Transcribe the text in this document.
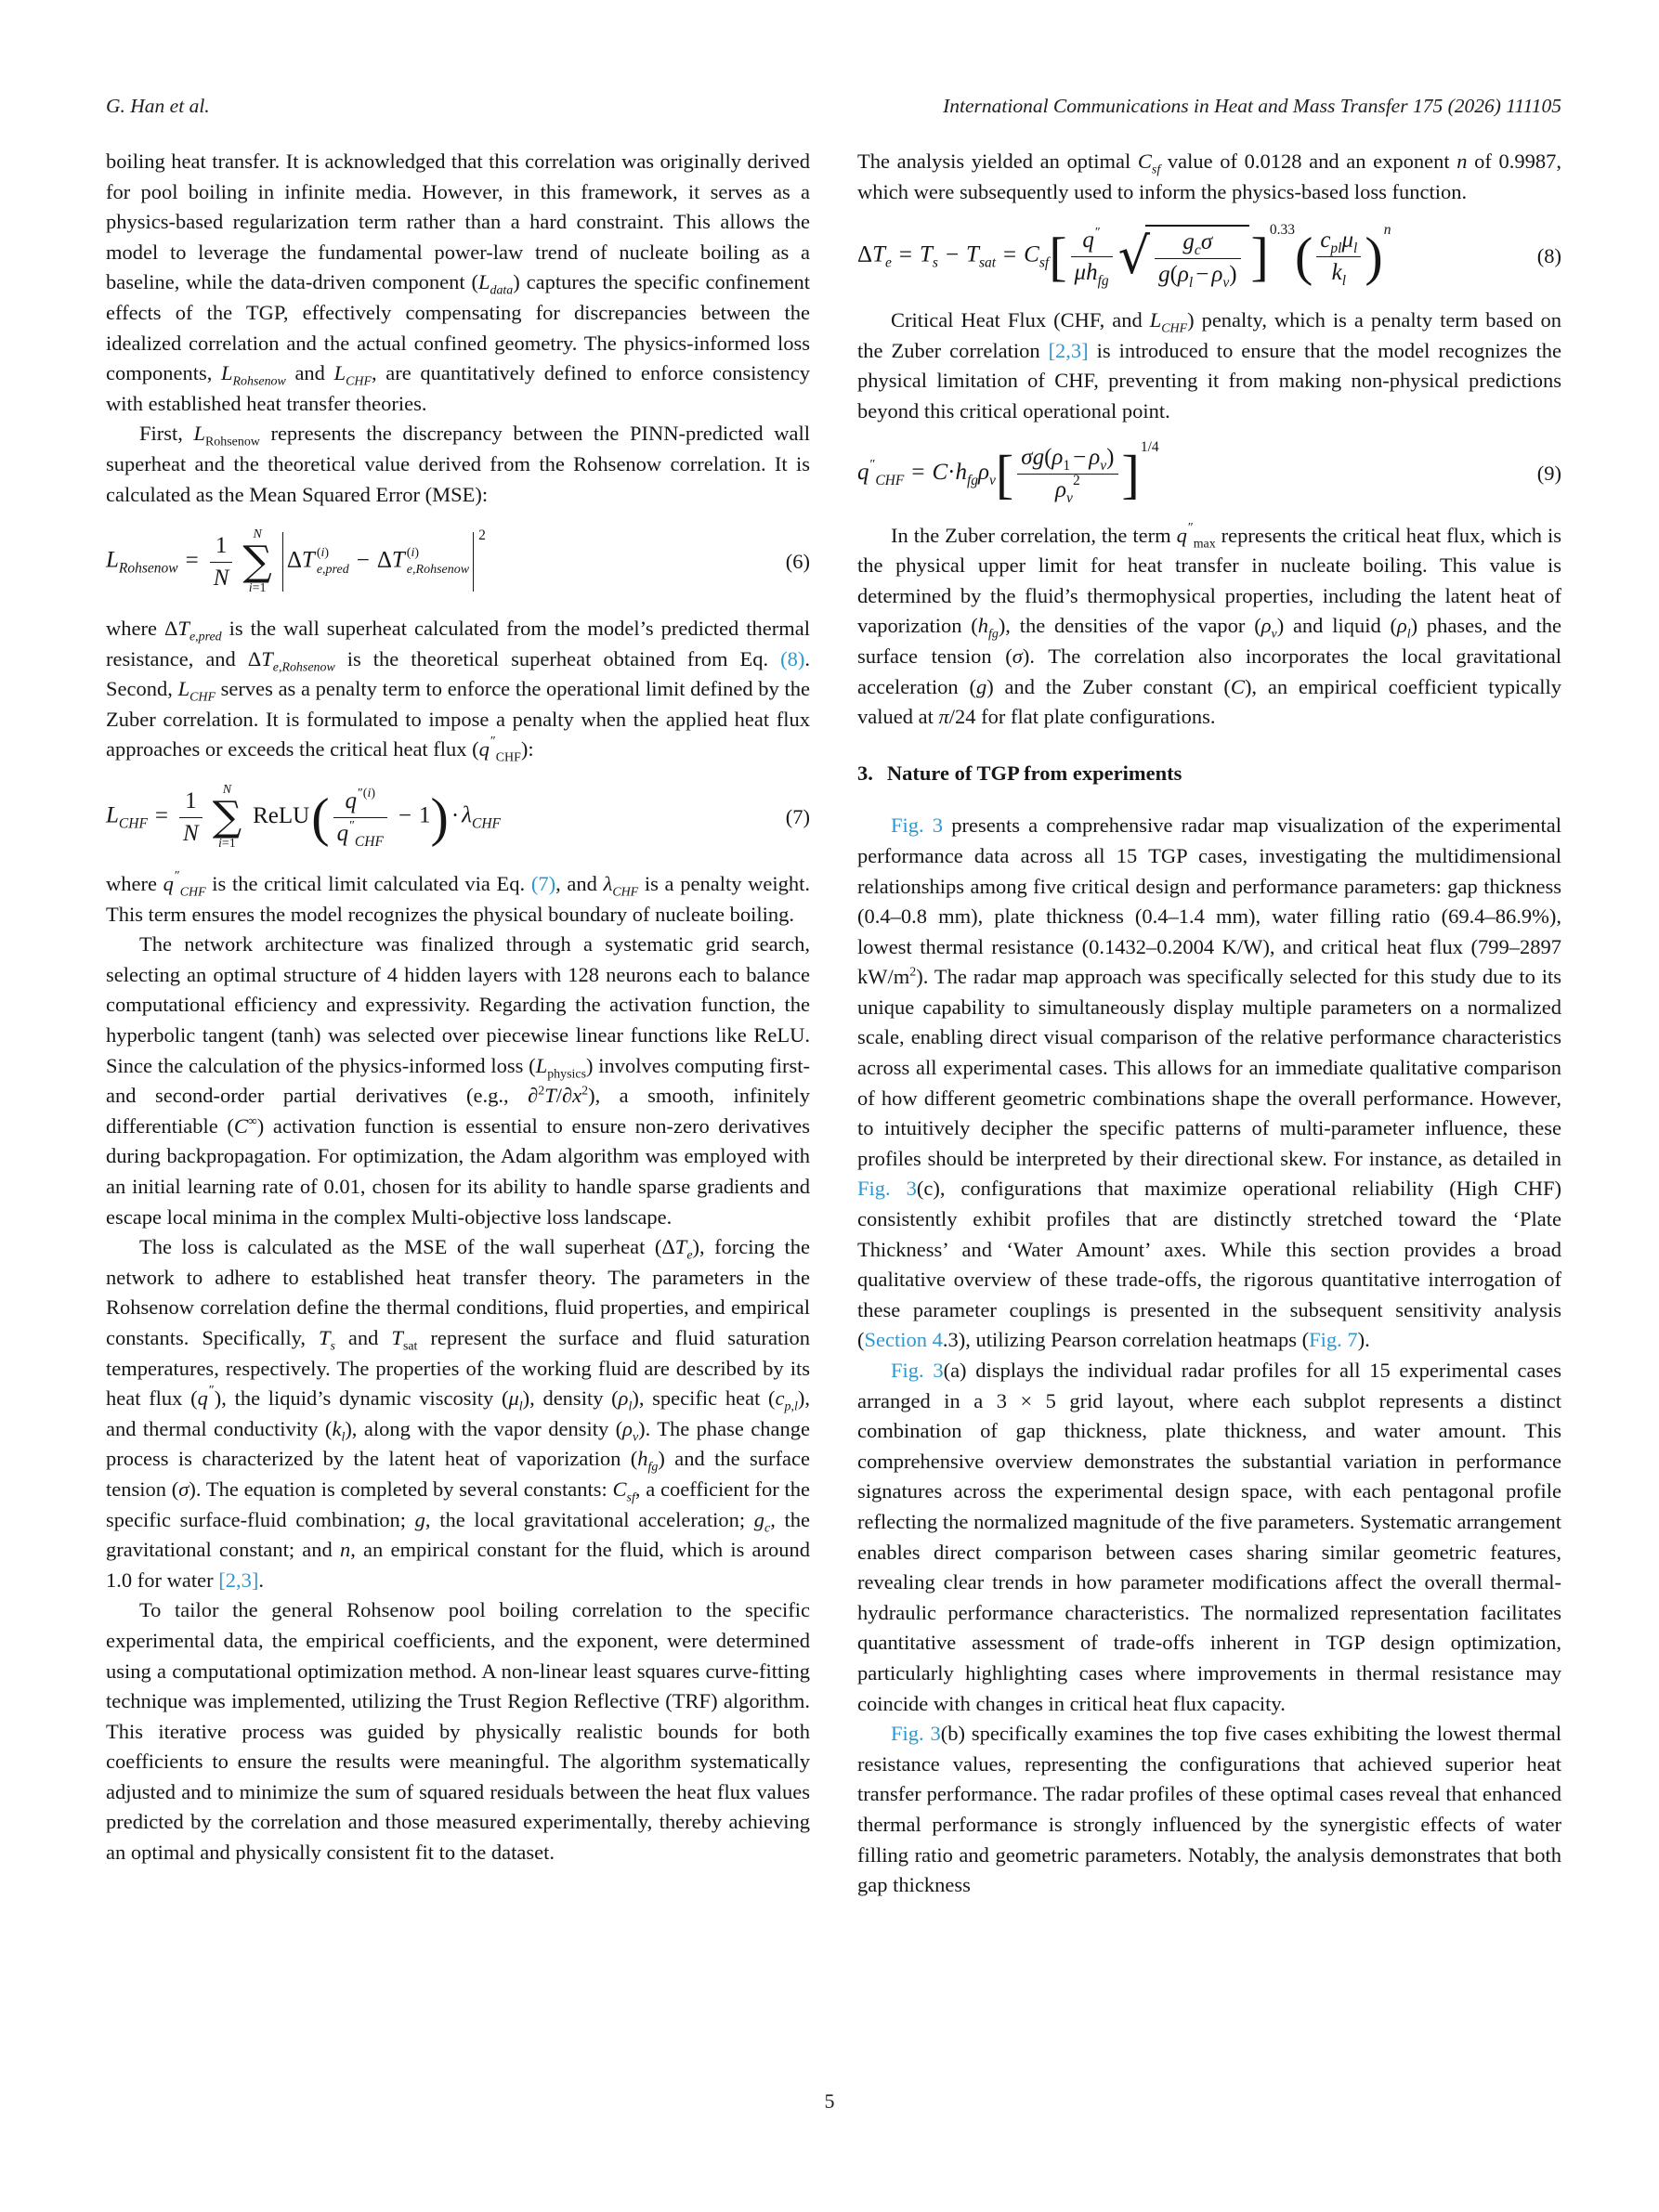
G. Han et al.	International Communications in Heat and Mass Transfer 175 (2026) 111105

boiling heat transfer. It is acknowledged that this correlation was originally derived for pool boiling in infinite media. However, in this framework, it serves as a physics-based regularization term rather than a hard constraint. This allows the model to leverage the fundamental power-law trend of nucleate boiling as a baseline, while the data-driven component $(L_{data})$ captures the specific confinement effects of the TGP, effectively compensating for discrepancies between the idealized correlation and the actual confined geometry. The physics-informed loss components, $L_{Rohsenow}$ and $L_{CHF}$, are quantitatively defined to enforce consistency with established heat transfer theories.

First, $L_{Rohsenow}$ represents the discrepancy between the PINN-predicted wall superheat and the theoretical value derived from the Rohsenow correlation. It is calculated as the Mean Squared Error (MSE):

$L_{Rohsenow} = \frac{1}{N}$ N
∑
i=1
ΔT (i)
e,pred − ΔT (i)
e,Rohsenow
$^2$
(6)

where $\Delta T_{e,pred}$ is the wall superheat calculated from the model’s predicted thermal resistance, and $\Delta T_{e,Rohsenow}$ is the theoretical superheat obtained from Eq. (8). Second, $L_{CHF}$ serves as a penalty term to enforce the operational limit defined by the Zuber correlation. It is formulated to impose a penalty when the applied heat flux approaches or exceeds the critical heat flux $(q''_{CHF})$:

$L_{CHF} = \frac{1}{N}$ N
∑
i=1
ReLU( $\frac{q^{''(i)}}{q''_{CHF}} - 1) \cdot \lambda_{CHF}$	(7)

where $q''_{CHF}$ is the critical limit calculated via Eq. (7), and $\lambda_{CHF}$ is a penalty weight. This term ensures the model recognizes the physical boundary of nucleate boiling.

The network architecture was finalized through a systematic grid search, selecting an optimal structure of 4 hidden layers with 128 neurons each to balance computational efficiency and expressivity. Regarding the activation function, the hyperbolic tangent (tanh) was selected over piecewise linear functions like ReLU. Since the calculation of the physics-informed loss $(L_{physics})$ involves computing first- and second-order partial derivatives (e.g., $\partial^2T/\partial x^2$), a smooth, infinitely differentiable (C∞) activation function is essential to ensure non-zero derivatives during backpropagation. For optimization, the Adam algorithm was employed with an initial learning rate of 0.01, chosen for its ability to handle sparse gradients and escape local minima in the complex Multi-objective loss landscape.

The loss is calculated as the MSE of the wall superheat $(\Delta T_e)$, forcing the network to adhere to established heat transfer theory. The parameters in the Rohsenow correlation define the thermal conditions, fluid properties, and empirical constants. Specifically, $T_s$ and $T_{sat}$ represent the surface and fluid saturation temperatures, respectively. The properties of the working fluid are described by its heat flux (q″), the liquid’s dynamic viscosity $(\mu_l)$, density $(\rho_l)$, specific heat $(c_{p,l})$, and thermal conductivity $(k_l)$, along with the vapor density $(\rho_v)$. The phase change process is characterized by the latent heat of vaporization $(h_{fg})$ and the surface tension (σ). The equation is completed by several constants: $C_{sf}$, a coefficient for the specific surface-fluid combination; g, the local gravitational acceleration; $g_c$, the gravitational constant; and n, an empirical constant for the fluid, which is around 1.0 for water [2,3].

To tailor the general Rohsenow pool boiling correlation to the specific experimental data, the empirical coefficients, and the exponent, were determined using a computational optimization method. A non-linear least squares curve-fitting technique was implemented, utilizing the Trust Region Reflective (TRF) algorithm. This iterative process was guided by physically realistic bounds for both coefficients to ensure the results were meaningful. The algorithm systematically adjusted and to minimize the sum of squared residuals between the heat flux values predicted by the correlation and those measured experimentally, thereby achieving an optimal and physically consistent fit to the dataset.

The analysis yielded an optimal $C_{sf}$ value of 0.0128 and an exponent n of 0.9987, which were subsequently used to inform the physics-based loss function.

$\Delta T_e = T_s - T_{sat} = C_{sf}[ \frac{q''}{\mu h_{fg}}$ √ $\frac{g_c\sigma}{g(\rho_l - \rho_v)} ]^{0.33}( \frac{c_{pl}\mu_l}{k_l} )^n$
(8)

Critical Heat Flux (CHF, and $L_{CHF}$) penalty, which is a penalty term based on the Zuber correlation [2,3] is introduced to ensure that the model recognizes the physical limitation of CHF, preventing it from making non-physical predictions beyond this critical operational point.

$q''_{CHF} = C\cdot h_{fg}\rho_v[ \frac{\sigma g(\rho_1 - \rho_v)}{\rho_v^2} ]^{1/4}$
(9)

In the Zuber correlation, the term $q''_{max}$ represents the critical heat flux, which is the physical upper limit for heat transfer in nucleate boiling. This value is determined by the fluid’s thermophysical properties, including the latent heat of vaporization $(h_{fg})$, the densities of the vapor $(\rho_v)$ and liquid $(\rho_l)$ phases, and the surface tension (σ). The correlation also incorporates the local gravitational acceleration (g) and the Zuber constant (C), an empirical coefficient typically valued at π/24 for flat plate configurations.

3. Nature of TGP from experiments

Fig. 3 presents a comprehensive radar map visualization of the experimental performance data across all 15 TGP cases, investigating the multidimensional relationships among five critical design and performance parameters: gap thickness (0.4–0.8 mm), plate thickness (0.4–1.4 mm), water filling ratio (69.4–86.9%), lowest thermal resistance (0.1432–0.2004 K/W), and critical heat flux (799–2897 $kW/m^2$). The radar map approach was specifically selected for this study due to its unique capability to simultaneously display multiple parameters on a normalized scale, enabling direct visual comparison of the relative performance characteristics across all experimental cases. This allows for an immediate qualitative comparison of how different geometric combinations shape the overall performance. However, to intuitively decipher the specific patterns of multi-parameter influence, these profiles should be interpreted by their directional skew. For instance, as detailed in Fig. 3(c), configurations that maximize operational reliability (High CHF) consistently exhibit profiles that are distinctly stretched toward the ‘Plate Thickness’ and ‘Water Amount’ axes. While this section provides a broad qualitative overview of these trade-offs, the rigorous quantitative interrogation of these parameter couplings is presented in the subsequent sensitivity analysis (Section 4.3), utilizing Pearson correlation heatmaps (Fig. 7).

Fig. 3(a) displays the individual radar profiles for all 15 experimental cases arranged in a 3 × 5 grid layout, where each subplot represents a distinct combination of gap thickness, plate thickness, and water amount. This comprehensive overview demonstrates the substantial variation in performance signatures across the experimental design space, with each pentagonal profile reflecting the normalized magnitude of the five parameters. Systematic arrangement enables direct comparison between cases sharing similar geometric features, revealing clear trends in how parameter modifications affect the overall thermal-hydraulic performance characteristics. The normalized representation facilitates quantitative assessment of trade-offs inherent in TGP design optimization, particularly highlighting cases where improvements in thermal resistance may coincide with changes in critical heat flux capacity.

Fig. 3(b) specifically examines the top five cases exhibiting the lowest thermal resistance values, representing the configurations that achieved superior heat transfer performance. The radar profiles of these optimal cases reveal that enhanced thermal performance is strongly influenced by the synergistic effects of water filling ratio and geometric parameters. Notably, the analysis demonstrates that both gap thickness

5
